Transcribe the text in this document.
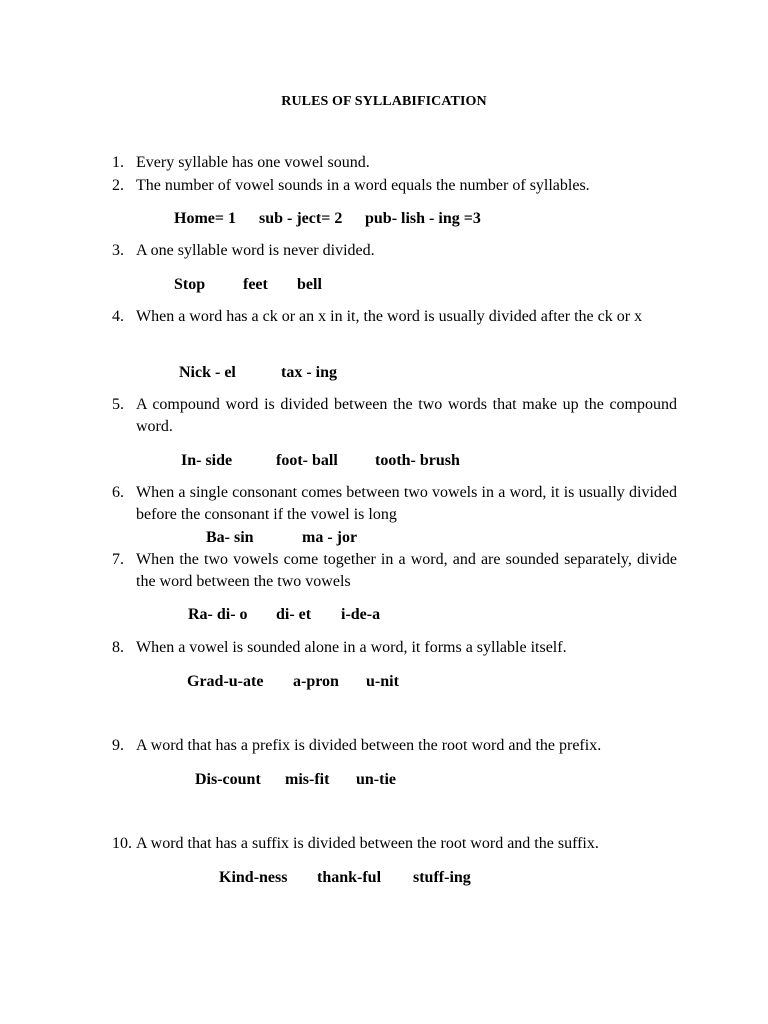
RULES OF SYLLABIFICATION
1. Every syllable has one vowel sound.
2. The number of vowel sounds in a word equals the number of syllables.
Home= 1 sub - ject= 2 pub- lish - ing =3
3. A one syllable word is never divided.
Stop feet bell
4. When a word has a ck or an x in it, the word is usually divided after the ck or x
Nick - el	tax - ing
5. A compound word is divided between the two words that make up the compound word.
In- side	foot- ball tooth- brush
6. When a single consonant comes between two vowels in a word, it is usually divided before the consonant if the vowel is long
Ba- sin	ma - jor
7. When the two vowels come together in a word, and are sounded separately, divide the word between the two vowels
Ra- di- o di- et i-de-a
8. When a vowel is sounded alone in a word, it forms a syllable itself.
Grad-u-ate a-pron u-nit
9. A word that has a prefix is divided between the root word and the prefix.
Dis-count mis-fit un-tie
10. A word that has a suffix is divided between the root word and the suffix.
Kind-ness thank-ful stuff-ing
